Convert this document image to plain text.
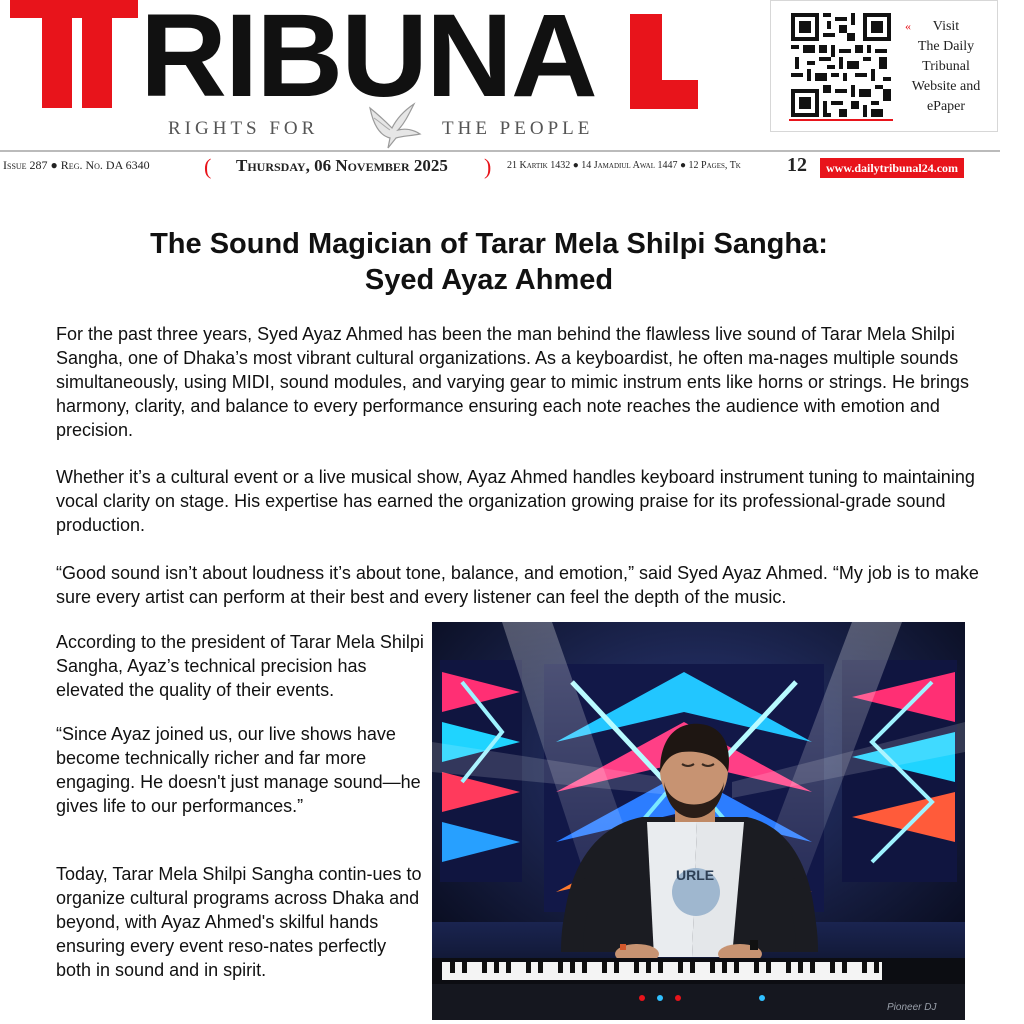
RIBUNA
RIGHTS FOR	THE PEOPLE
«	Visit
The Daily
Tribunal
Website and
ePaper
Issue 287 ● Reg. No. DA 6340 ( Thursday, 06 November 2025 ) 21 Kartik 1432 ● 14 Jamadiul Awal 1447 ● 12 Pages, Tk 12	www.dailytribunal24.com
The Sound Magician of Tarar Mela Shilpi Sangha:
Syed Ayaz Ahmed

For the past three years, Syed Ayaz Ahmed has been the man behind the flawless live sound of Tarar Mela Shilpi Sangha, one of Dhaka’s most vibrant cultural organizations. As a keyboardist, he often ma-nages multiple sounds simultaneously, using MIDI, sound modules, and varying gear to mimic instrum ents like horns or strings. He brings harmony, clarity, and balance to every performance ensuring each note reaches the audience with emotion and precision.

Whether it’s a cultural event or a live musical show, Ayaz Ahmed handles keyboard instrument tuning to maintaining vocal clarity on stage. His expertise has earned the organization growing praise for its professional-grade sound production.

“Good sound isn’t about loudness it’s about tone, balance, and emotion,” said Syed Ayaz Ahmed. “My job is to make sure every artist can perform at their best and every listener can feel the depth of the music.

According to the president of Tarar Mela Shilpi Sangha, Ayaz’s technical precision has elevated the quality of their events.

“Since Ayaz joined us, our live shows have become technically richer and far more engaging. He doesn't just manage sound—he gives life to our performances.”

Today, Tarar Mela Shilpi Sangha contin-ues to organize cultural programs across Dhaka and beyond, with Ayaz Ahmed's skilful hands ensuring every event reso-nates perfectly both in sound and in spirit.

URLE
Pioneer DJ
